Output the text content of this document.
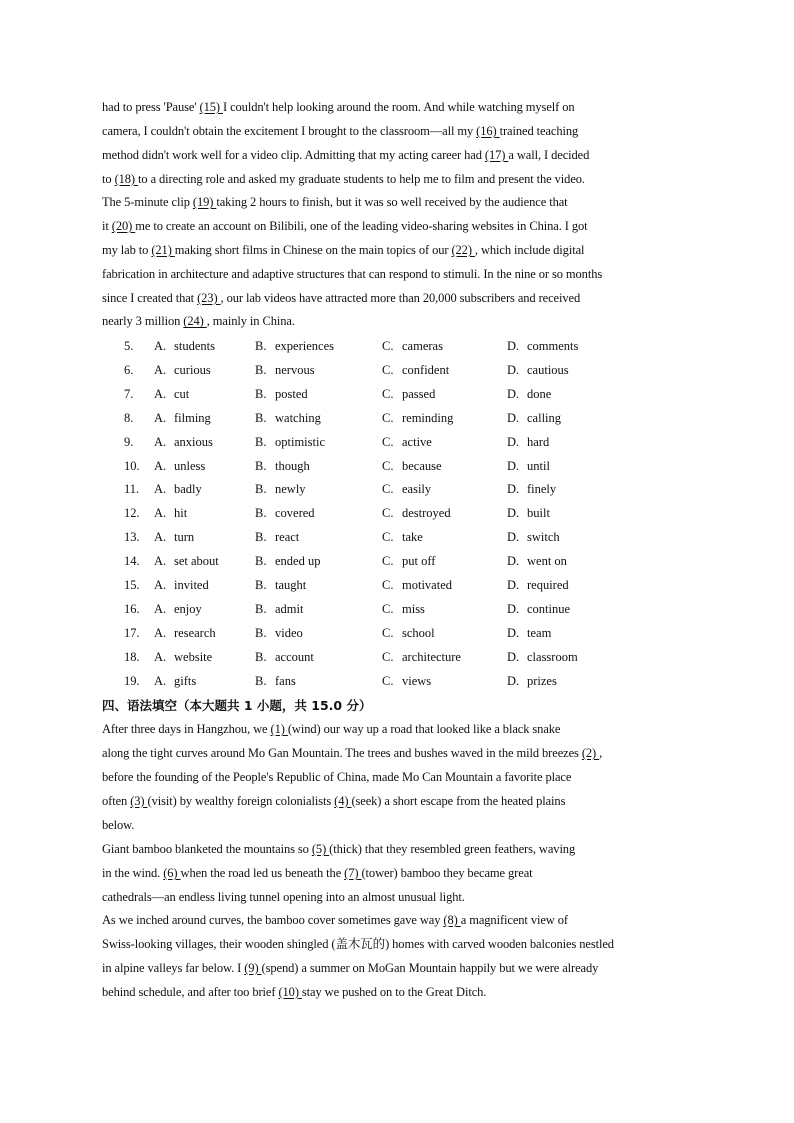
had to press 'Pause' (15) I couldn't help looking around the room. And while watching myself on
camera, I couldn't obtain the excitement I brought to the classroom—all my (16) trained teaching
method didn't work well for a video clip. Admitting that my acting career had (17) a wall, I decided
to (18) to a directing role and asked my graduate students to help me to film and present the video.
The 5-minute clip (19) taking 2 hours to finish, but it was so well received by the audience that
it (20) me to create an account on Bilibili, one of the leading video-sharing websites in China. I got
my lab to (21) making short films in Chinese on the main topics of our (22) , which include digital
fabrication in architecture and adaptive structures that can respond to stimuli. In the nine or so months
since I created that (23) , our lab videos have attracted more than 20,000 subscribers and received
nearly 3 million (24) , mainly in China.
5.	A. students	B. experiences	C. cameras	D. comments
6.	A. curious	B. nervous	C. confident	D. cautious
7.	A. cut	B. posted	C. passed	D. done
8.	A. filming	B. watching	C. reminding	D. calling
9.	A. anxious	B. optimistic	C. active	D. hard
10.	A. unless	B. though	C. because	D. until
11.	A. badly	B. newly	C. easily	D. finely
12.	A. hit	B. covered	C. destroyed	D. built
13.	A. turn	B. react	C. take	D. switch
14.	A. set about	B. ended up	C. put off	D. went on
15.	A. invited	B. taught	C. motivated	D. required
16.	A. enjoy	B. admit	C. miss	D. continue
17.	A. research	B. video	C. school	D. team
18.	A. website	B. account	C. architecture	D. classroom
19.	A. gifts	B. fans	C. views	D. prizes
四、语法填空（本大题共 1 小题，共 15.0 分）
After three days in Hangzhou, we (1) (wind) our way up a road that looked like a black snake
along the tight curves around Mo Gan Mountain. The trees and bushes waved in the mild breezes (2) ,
before the founding of the People's Republic of China, made Mo Can Mountain a favorite place
often (3) (visit) by wealthy foreign colonialists (4) (seek) a short escape from the heated plains
below.
Giant bamboo blanketed the mountains so (5) (thick) that they resembled green feathers, waving
in the wind. (6) when the road led us beneath the (7) (tower) bamboo they became great
cathedrals—an endless living tunnel opening into an almost unusual light.
As we inched around curves, the bamboo cover sometimes gave way (8) a magnificent view of
Swiss-looking villages, their wooden shingled (盖木瓦的) homes with carved wooden balconies nestled
in alpine valleys far below. I (9) (spend) a summer on MoGan Mountain happily but we were already
behind schedule, and after too brief (10) stay we pushed on to the Great Ditch.
